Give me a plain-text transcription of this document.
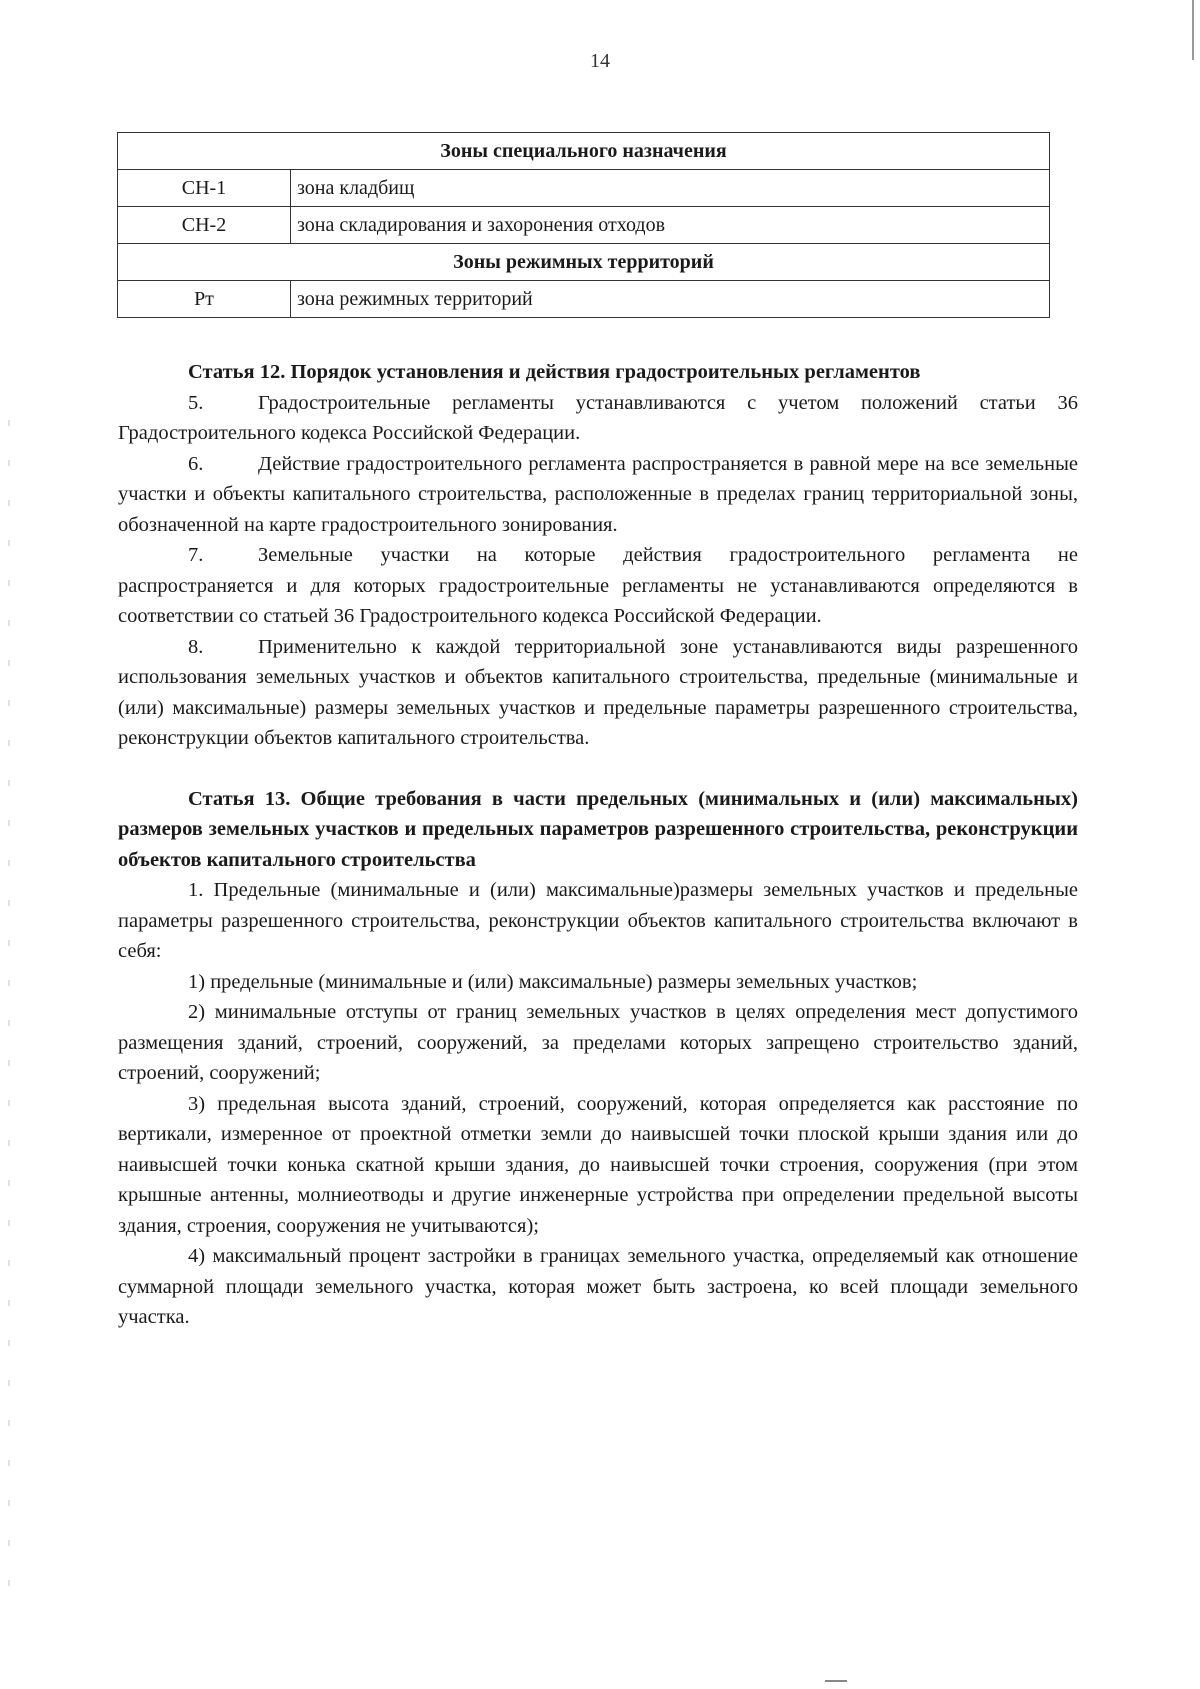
14
Зоны специального назначения	
СН-1	зона кладбищ
СН-2	зона складирования и захоронения отходов
Зоны режимных территорий	
Рт	зона режимных территорий

Статья 12. Порядок установления и действия градостроительных регламентов

5.	Градостроительные регламенты устанавливаются с учетом положений статьи 36 Градостроительного кодекса Российской Федерации.

6.	Действие градостроительного регламента распространяется в равной мере на все земельные участки и объекты капитального строительства, расположенные в пределах границ территориальной зоны, обозначенной на карте градостроительного зонирования.

7.	Земельные участки на которые действия градостроительного регламента не распространяется и для которых градостроительные регламенты не устанавливаются определяются в соответствии со статьей 36 Градостроительного кодекса Российской Федерации.

8.	Применительно к каждой территориальной зоне устанавливаются виды разрешенного использования земельных участков и объектов капитального строительства, предельные (минимальные и (или) максимальные) размеры земельных участков и предельные параметры разрешенного строительства, реконструкции объектов капитального строительства.

Статья 13. Общие требования в части предельных (минимальных и (или) максимальных) размеров земельных участков и предельных параметров разрешенного строительства, реконструкции объектов капитального строительства

1. Предельные (минимальные и (или) максимальные)размеры земельных участков и предельные параметры разрешенного строительства, реконструкции объектов капитального строительства включают в себя:

1) предельные (минимальные и (или) максимальные) размеры земельных участков;

2) минимальные отступы от границ земельных участков в целях определения мест допустимого размещения зданий, строений, сооружений, за пределами которых запрещено строительство зданий, строений, сооружений;

3) предельная высота зданий, строений, сооружений, которая определяется как расстояние по вертикали, измеренное от проектной отметки земли до наивысшей точки плоской крыши здания или до наивысшей точки конька скатной крыши здания, до наивысшей точки строения, сооружения (при этом крышные антенны, молниеотводы и другие инженерные устройства при определении предельной высоты здания, строения, сооружения не учитываются);

4) максимальный процент застройки в границах земельного участка, определяемый как отношение суммарной площади земельного участка, которая может быть застроена, ко всей площади земельного участка.
